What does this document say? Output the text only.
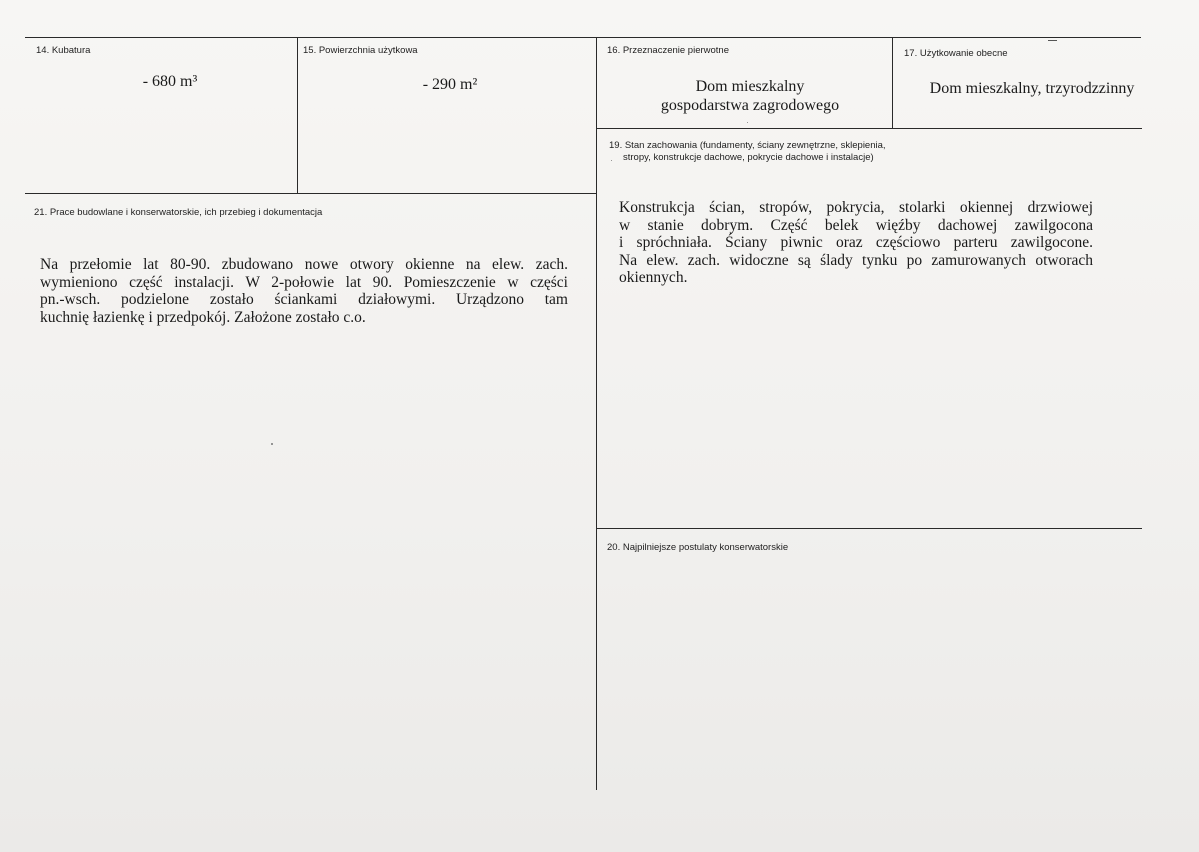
14. Kubatura
- 680 m³
15. Powierzchnia użytkowa
- 290 m²
16. Przeznaczenie pierwotne
Dom mieszkalny
gospodarstwa zagrodowego
17. Użytkowanie obecne
Dom mieszkalny, trzyrodzzinny
19. Stan zachowania (fundamenty, ściany zewnętrzne, sklepienia,
stropy, konstrukcje dachowe, pokrycie dachowe i instalacje)
Konstrukcja ścian, stropów, pokrycia, stolarki okiennej drzwiowej
w stanie dobrym. Część belek więźby dachowej zawilgocona
i spróchniała. Ściany piwnic oraz częściowo parteru zawilgocone.
Na elew. zach. widoczne są ślady tynku po zamurowanych otworach
okiennych.
20. Najpilniejsze postulaty konserwatorskie
21. Prace budowlane i konserwatorskie, ich przebieg i dokumentacja
Na przełomie lat 80-90. zbudowano nowe otwory okienne na elew. zach.
wymieniono część instalacji. W 2-połowie lat 90. Pomieszczenie w części
pn.-wsch. podzielone zostało ściankami działowymi. Urządzono tam
kuchnię łazienkę i przedpokój. Założone zostało c.o.
